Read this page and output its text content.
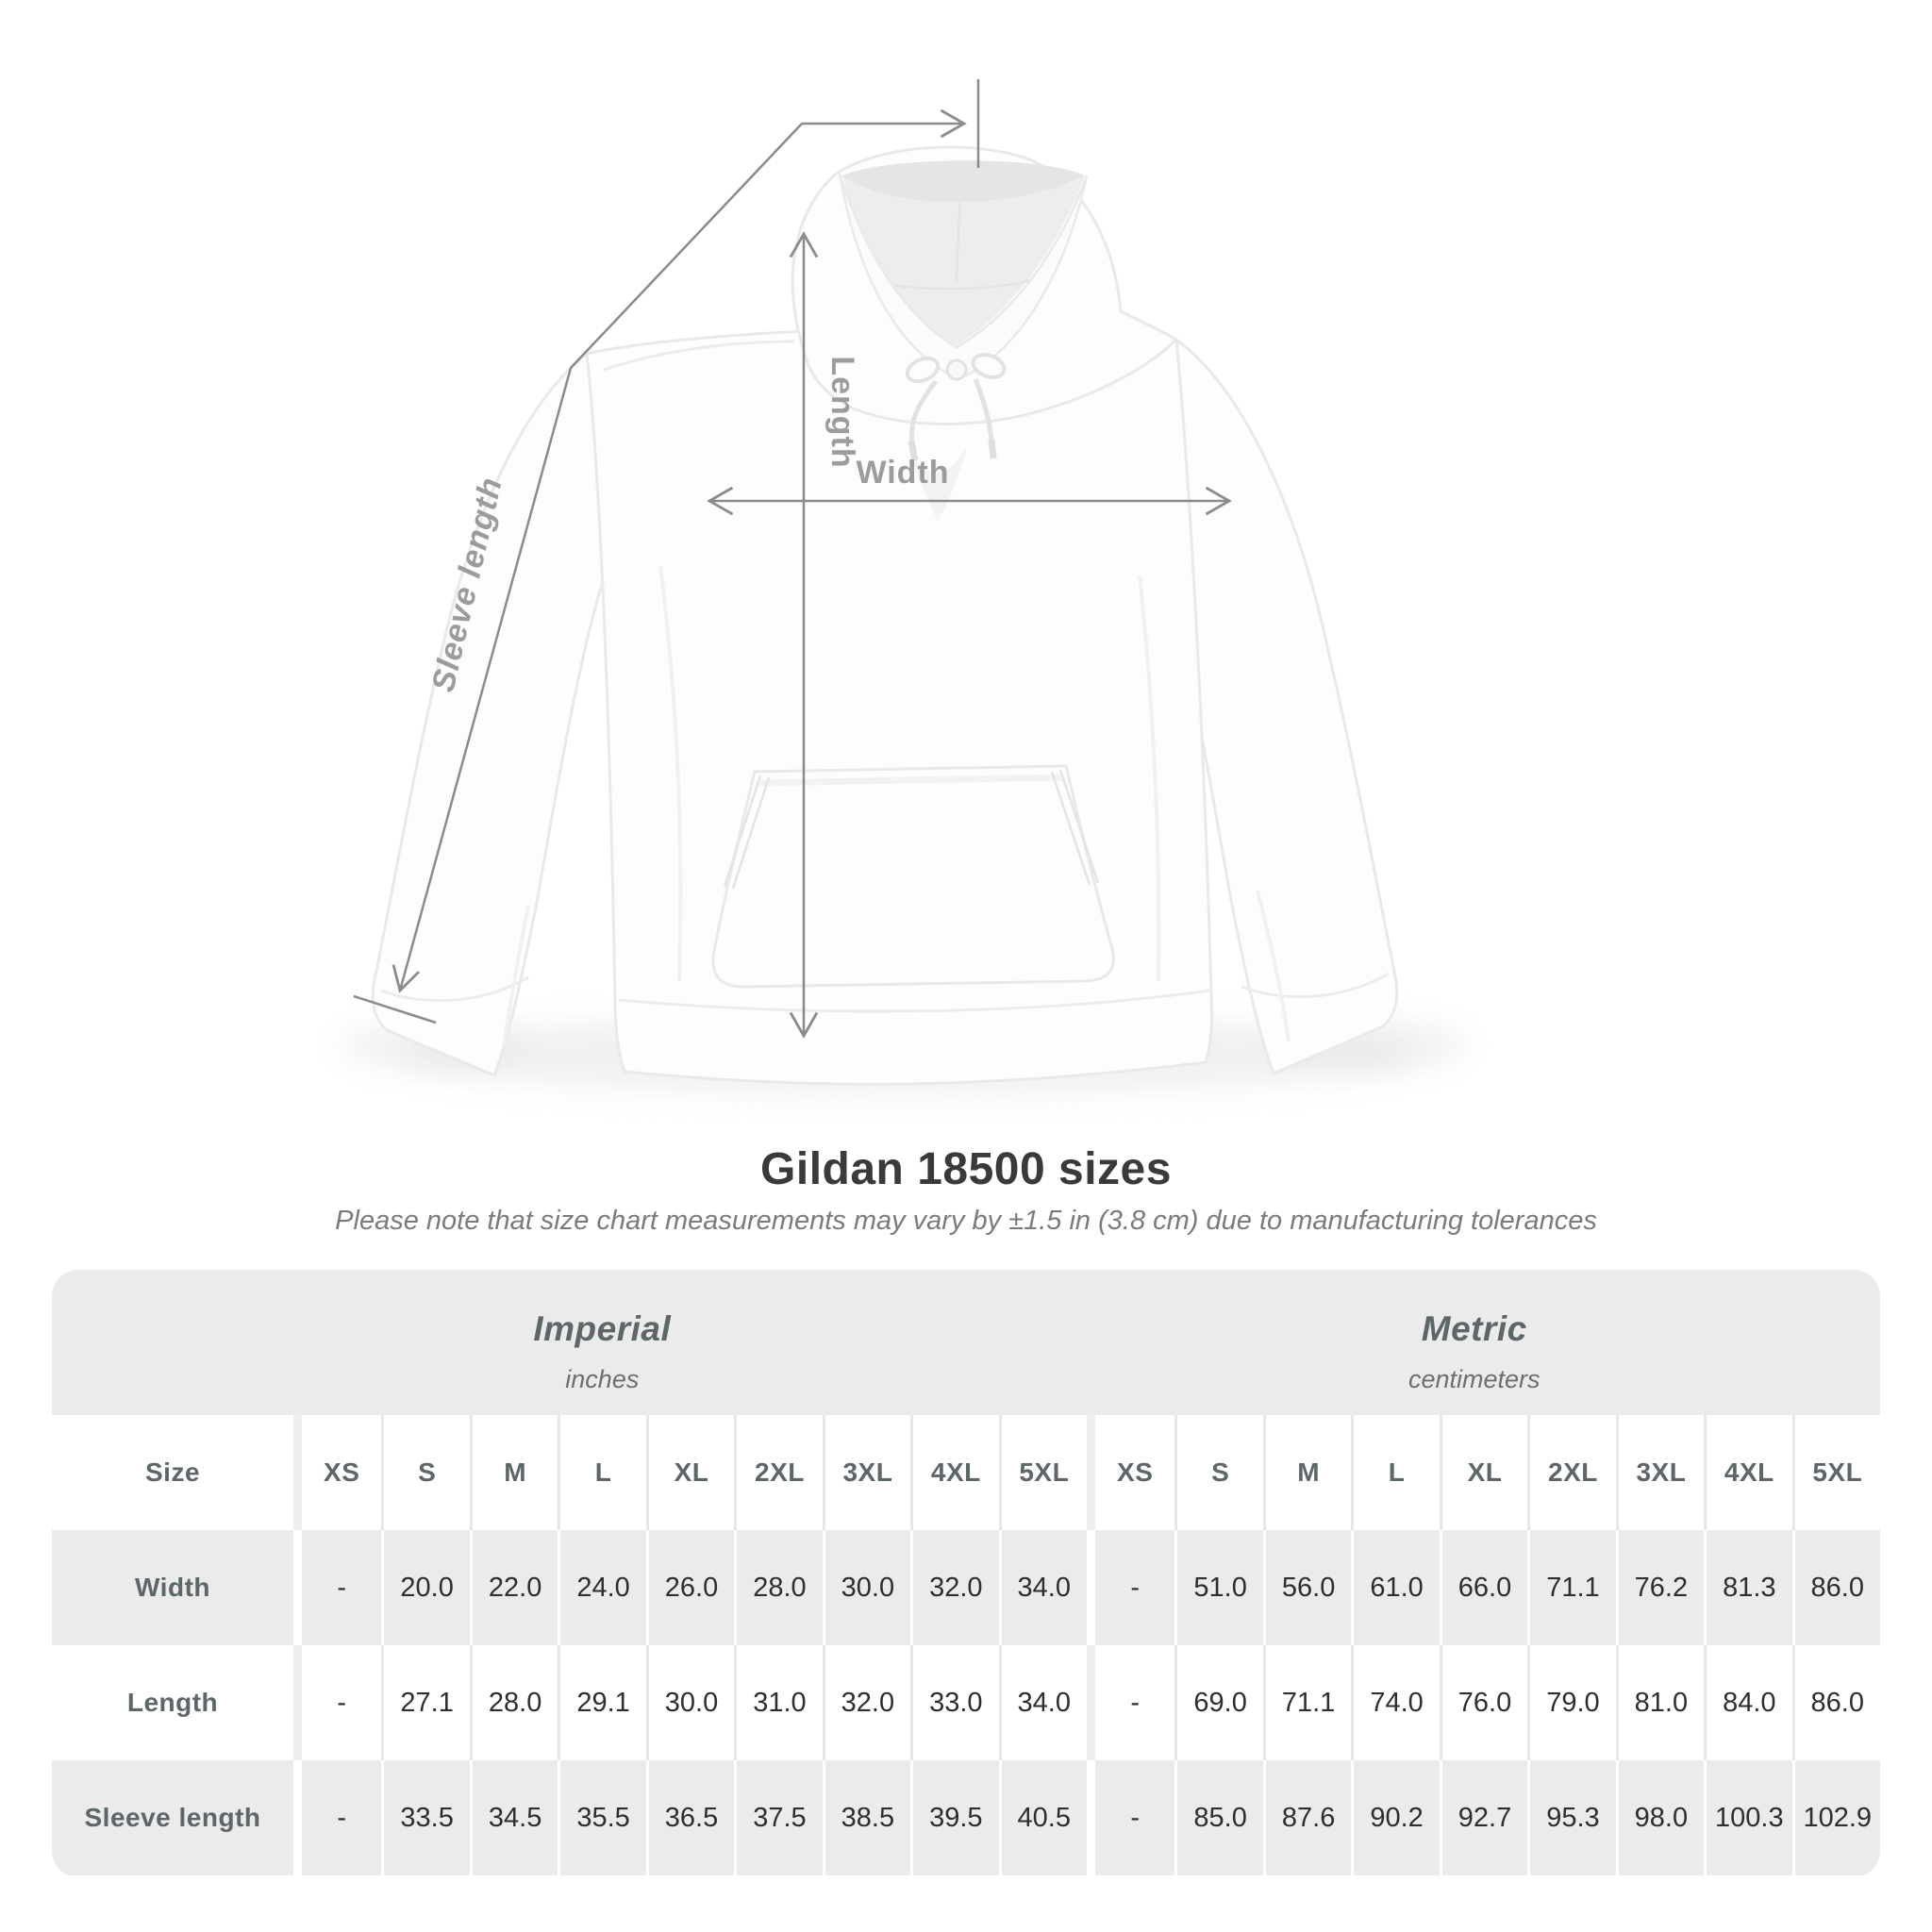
Width
Length
Sleeve length
Gildan 18500 sizes

Please note that size chart measurements may vary by ±1.5 in (3.8 cm) due to manufacturing tolerances

Imperial
inches
Metric
centimeters
Size	XS	S	M	L	XL	2XL	3XL	4XL	5XL	XS	S	M	L	XL	2XL	3XL	4XL	5XL
Width	-	20.0	22.0	24.0	26.0	28.0	30.0	32.0	34.0	-	51.0	56.0	61.0	66.0	71.1	76.2	81.3	86.0
Length	-	27.1	28.0	29.1	30.0	31.0	32.0	33.0	34.0	-	69.0	71.1	74.0	76.0	79.0	81.0	84.0	86.0
Sleeve length	-	33.5	34.5	35.5	36.5	37.5	38.5	39.5	40.5	-	85.0	87.6	90.2	92.7	95.3	98.0 100.3 102.9
